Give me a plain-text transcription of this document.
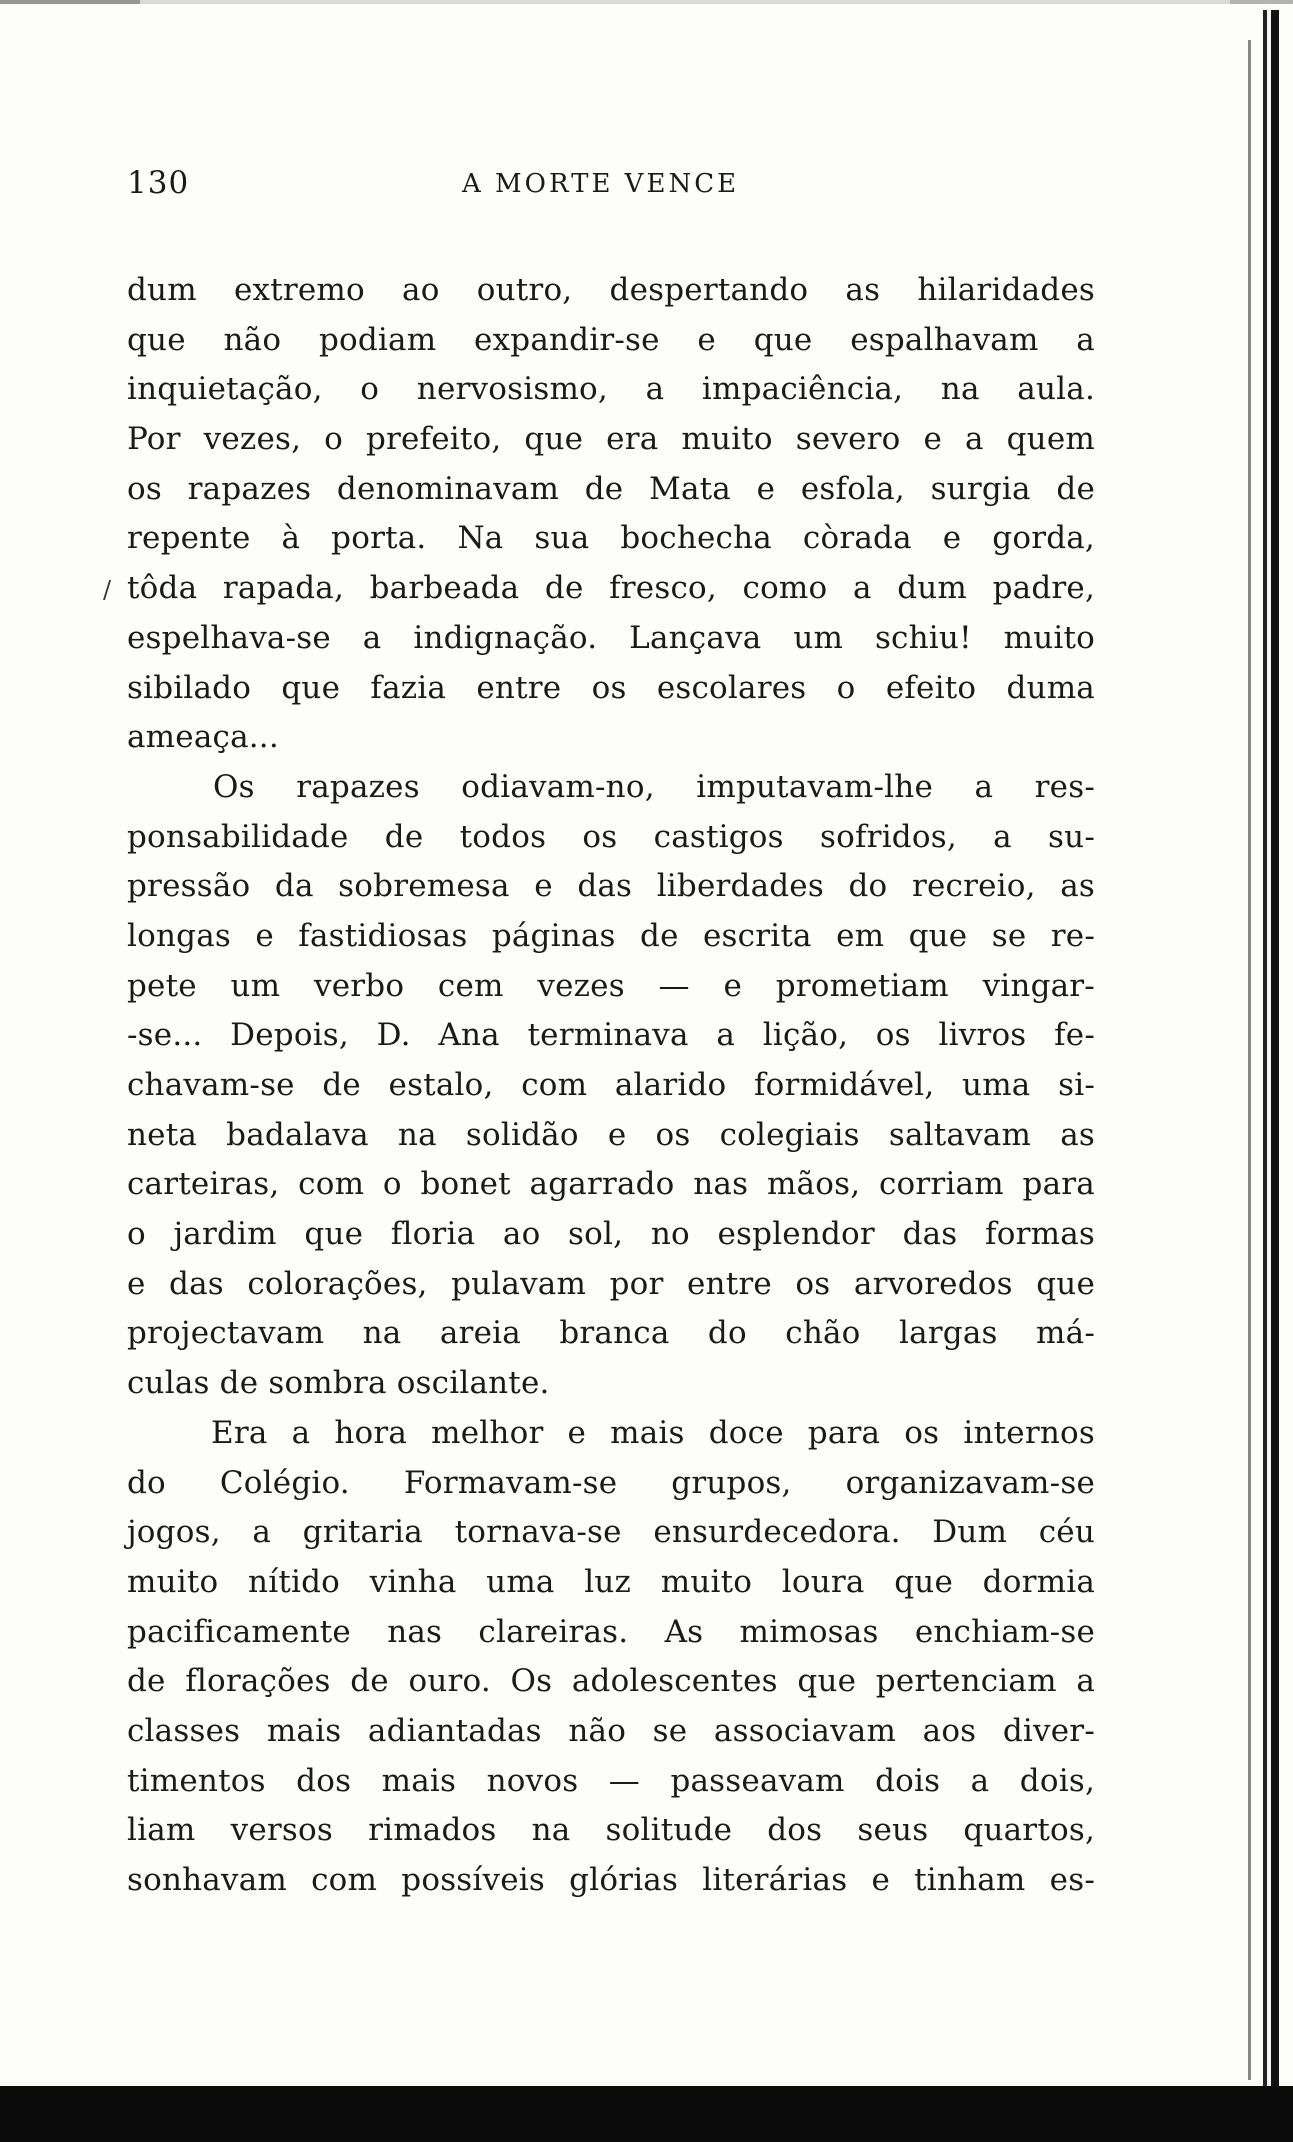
130	A MORTE VENCE
/
dum extremo ao outro, despertando as hilaridades
que não podiam expandir-se e que espalhavam a
inquietação, o nervosismo, a impaciência, na aula.
Por vezes, o prefeito, que era muito severo e a quem
os rapazes denominavam de Mata e esfola, surgia de
repente à porta. Na sua bochecha còrada e gorda,
tôda rapada, barbeada de fresco, como a dum padre,
espelhava-se a indignação. Lançava um schiu! muito
sibilado que fazia entre os escolares o efeito duma
ameaça...
Os rapazes odiavam-no, imputavam-lhe a res-
ponsabilidade de todos os castigos sofridos, a su-
pressão da sobremesa e das liberdades do recreio, as
longas e fastidiosas páginas de escrita em que se re-
pete um verbo cem vezes — e prometiam vingar-
-se... Depois, D. Ana terminava a lição, os livros fe-
chavam-se de estalo, com alarido formidável, uma si-
neta badalava na solidão e os colegiais saltavam as
carteiras, com o bonet agarrado nas mãos, corriam para
o jardim que floria ao sol, no esplendor das formas
e das colorações, pulavam por entre os arvoredos que
projectavam na areia branca do chão largas má-
culas de sombra oscilante.
Era a hora melhor e mais doce para os internos
do Colégio. Formavam-se grupos, organizavam-se
jogos, a gritaria tornava-se ensurdecedora. Dum céu
muito nítido vinha uma luz muito loura que dormia
pacificamente nas clareiras. As mimosas enchiam-se
de florações de ouro. Os adolescentes que pertenciam a
classes mais adiantadas não se associavam aos diver-
timentos dos mais novos — passeavam dois a dois,
liam versos rimados na solitude dos seus quartos,
sonhavam com possíveis glórias literárias e tinham es-
